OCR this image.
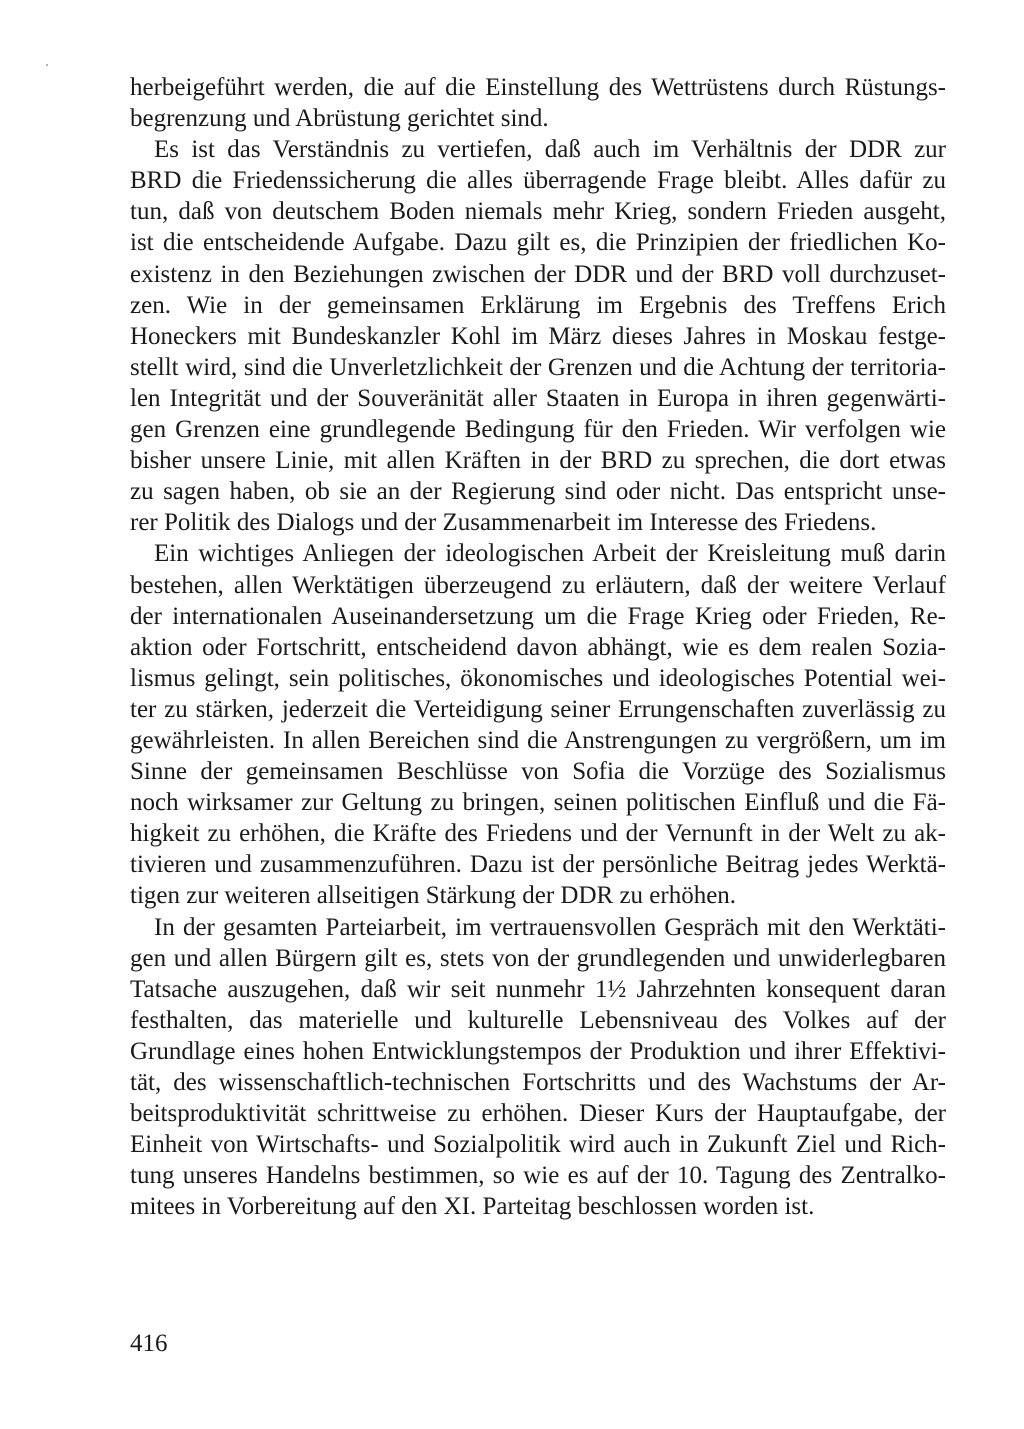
herbeigeführt werden, die auf die Einstellung des Wettrüstens durch Rüstungs-
begrenzung und Abrüstung gerichtet sind.
Es ist das Verständnis zu vertiefen, daß auch im Verhältnis der DDR zur
BRD die Friedenssicherung die alles überragende Frage bleibt. Alles dafür zu
tun, daß von deutschem Boden niemals mehr Krieg, sondern Frieden ausgeht,
ist die entscheidende Aufgabe. Dazu gilt es, die Prinzipien der friedlichen Ko-
existenz in den Beziehungen zwischen der DDR und der BRD voll durchzuset-
zen. Wie in der gemeinsamen Erklärung im Ergebnis des Treffens Erich
Honeckers mit Bundeskanzler Kohl im März dieses Jahres in Moskau festge-
stellt wird, sind die Unverletzlichkeit der Grenzen und die Achtung der territoria-
len Integrität und der Souveränität aller Staaten in Europa in ihren gegenwärti-
gen Grenzen eine grundlegende Bedingung für den Frieden. Wir verfolgen wie
bisher unsere Linie, mit allen Kräften in der BRD zu sprechen, die dort etwas
zu sagen haben, ob sie an der Regierung sind oder nicht. Das entspricht unse-
rer Politik des Dialogs und der Zusammenarbeit im Interesse des Friedens.
Ein wichtiges Anliegen der ideologischen Arbeit der Kreisleitung muß darin
bestehen, allen Werktätigen überzeugend zu erläutern, daß der weitere Verlauf
der internationalen Auseinandersetzung um die Frage Krieg oder Frieden, Re-
aktion oder Fortschritt, entscheidend davon abhängt, wie es dem realen Sozia-
lismus gelingt, sein politisches, ökonomisches und ideologisches Potential wei-
ter zu stärken, jederzeit die Verteidigung seiner Errungenschaften zuverlässig zu
gewährleisten. In allen Bereichen sind die Anstrengungen zu vergrößern, um im
Sinne der gemeinsamen Beschlüsse von Sofia die Vorzüge des Sozialismus
noch wirksamer zur Geltung zu bringen, seinen politischen Einfluß und die Fä-
higkeit zu erhöhen, die Kräfte des Friedens und der Vernunft in der Welt zu ak-
tivieren und zusammenzuführen. Dazu ist der persönliche Beitrag jedes Werktä-
tigen zur weiteren allseitigen Stärkung der DDR zu erhöhen.
In der gesamten Parteiarbeit, im vertrauensvollen Gespräch mit den Werktäti-
gen und allen Bürgern gilt es, stets von der grundlegenden und unwiderlegbaren
Tatsache auszugehen, daß wir seit nunmehr 1½ Jahrzehnten konsequent daran
festhalten, das materielle und kulturelle Lebensniveau des Volkes auf der
Grundlage eines hohen Entwicklungstempos der Produktion und ihrer Effektivi-
tät, des wissenschaftlich-technischen Fortschritts und des Wachstums der Ar-
beitsproduktivität schrittweise zu erhöhen. Dieser Kurs der Hauptaufgabe, der
Einheit von Wirtschafts- und Sozialpolitik wird auch in Zukunft Ziel und Rich-
tung unseres Handelns bestimmen, so wie es auf der 10. Tagung des Zentralko-
mitees in Vorbereitung auf den XI. Parteitag beschlossen worden ist.
416
